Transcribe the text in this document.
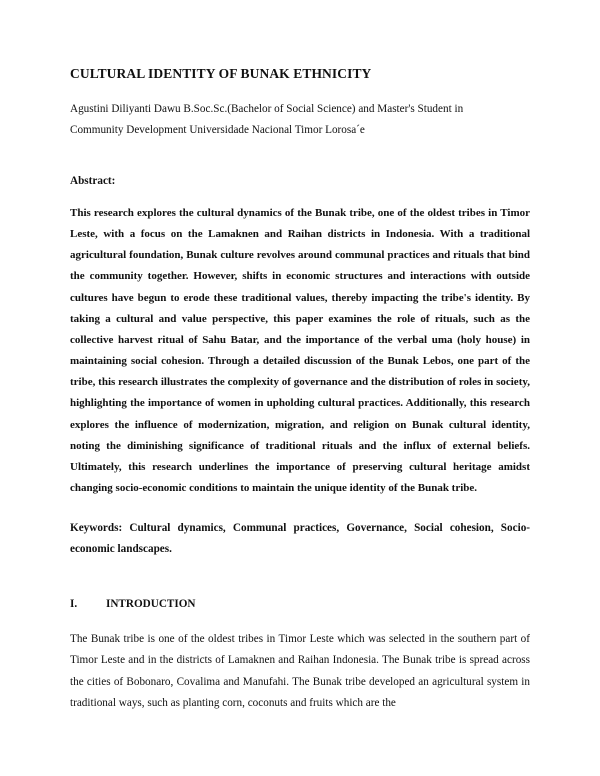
CULTURAL IDENTITY OF BUNAK ETHNICITY
Agustini Diliyanti Dawu B.Soc.Sc.(Bachelor of Social Science) and Master's Student in
Community Development Universidade Nacional Timor Lorosa´e
Abstract:

This research explores the cultural dynamics of the Bunak tribe, one of the oldest tribes in Timor Leste, with a focus on the Lamaknen and Raihan districts in Indonesia. With a traditional agricultural foundation, Bunak culture revolves around communal practices and rituals that bind the community together. However, shifts in economic structures and interactions with outside cultures have begun to erode these traditional values, thereby impacting the tribe's identity. By taking a cultural and value perspective, this paper examines the role of rituals, such as the collective harvest ritual of Sahu Batar, and the importance of the verbal uma (holy house) in maintaining social cohesion. Through a detailed discussion of the Bunak Lebos, one part of the tribe, this research illustrates the complexity of governance and the distribution of roles in society, highlighting the importance of women in upholding cultural practices. Additionally, this research explores the influence of modernization, migration, and religion on Bunak cultural identity, noting the diminishing significance of traditional rituals and the influx of external beliefs. Ultimately, this research underlines the importance of preserving cultural heritage amidst changing socio-economic conditions to maintain the unique identity of the Bunak tribe.

Keywords: Cultural dynamics, Communal practices, Governance, Social cohesion, Socio-economic landscapes.

I.	INTRODUCTION

The Bunak tribe is one of the oldest tribes in Timor Leste which was selected in the southern part of Timor Leste and in the districts of Lamaknen and Raihan Indonesia. The Bunak tribe is spread across the cities of Bobonaro, Covalima and Manufahi. The Bunak tribe developed an agricultural system in traditional ways, such as planting corn, coconuts and fruits which are the
